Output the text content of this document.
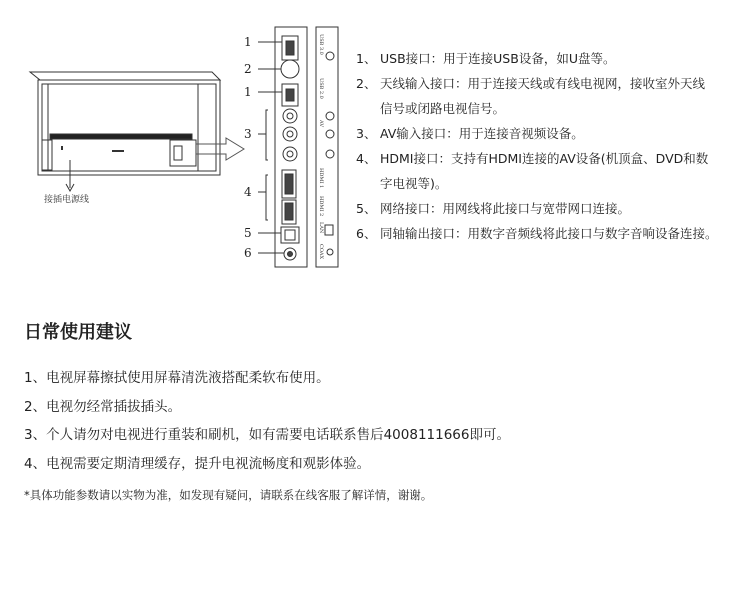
接插电源线
1
2
1
3
4
5
6
USB 3.0
USB 2.0
AV
HDMI 1
HDMI 2
LAN
COAX
1、 USB接口：用于连接USB设备，如U盘等。
2、 天线输入接口：用于连接天线或有线电视网，接收室外天线
信号或闭路电视信号。
3、 AV输入接口：用于连接音视频设备。
4、 HDMI接口：支持有HDMI连接的AV设备(机顶盒、DVD和数
字电视等)。
5、 网络接口：用网线将此接口与宽带网口连接。
6、 同轴输出接口：用数字音频线将此接口与数字音响设备连接。
日常使用建议
1、电视屏幕擦拭使用屏幕清洗液搭配柔软布使用。
2、电视勿经常插拔插头。
3、个人请勿对电视进行重装和刷机，如有需要电话联系售后4008111666即可。
4、电视需要定期清理缓存，提升电视流畅度和观影体验。
*具体功能参数请以实物为准，如发现有疑问，请联系在线客服了解详情，谢谢。
